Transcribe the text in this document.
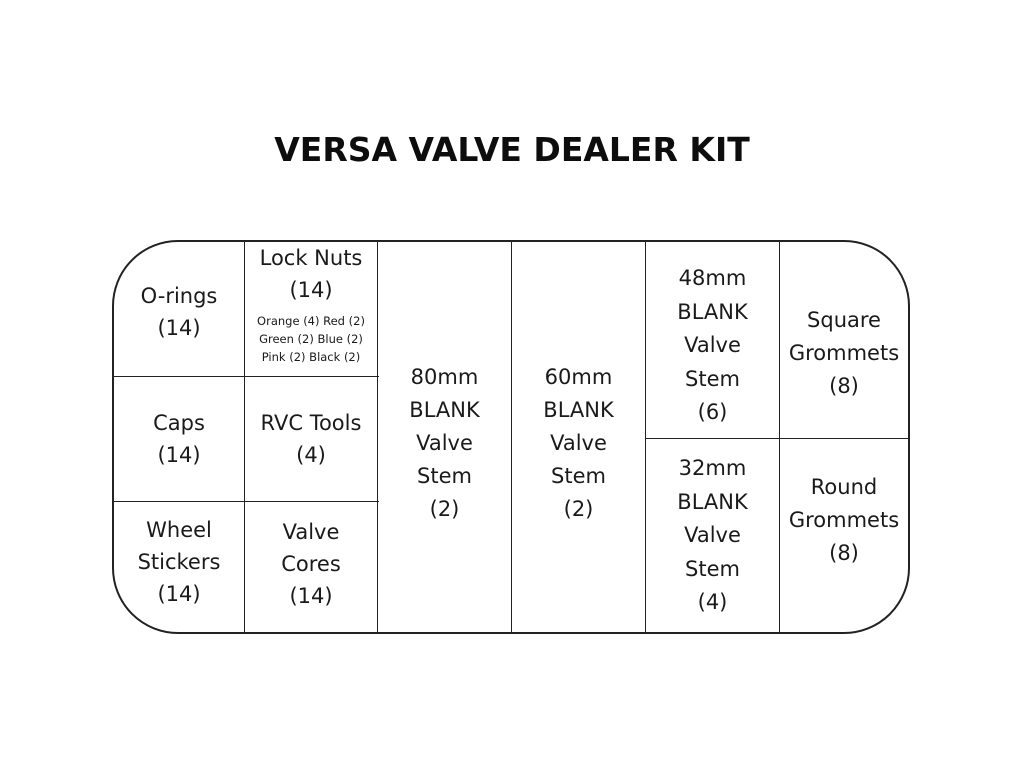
VERSA VALVE DEALER KIT
O-rings
(14)
Lock Nuts
(14)
Orange (4) Red (2)
Green (2) Blue (2)
Pink (2) Black (2)
Caps
(14)
RVC Tools
(4)
Wheel
Stickers
(14)
Valve
Cores
(14)
80mm
BLANK
Valve
Stem
(2)
60mm
BLANK
Valve
Stem
(2)
48mm
BLANK
Valve
Stem
(6)
32mm
BLANK
Valve
Stem
(4)
Square
Grommets
(8)
Round
Grommets
(8)
